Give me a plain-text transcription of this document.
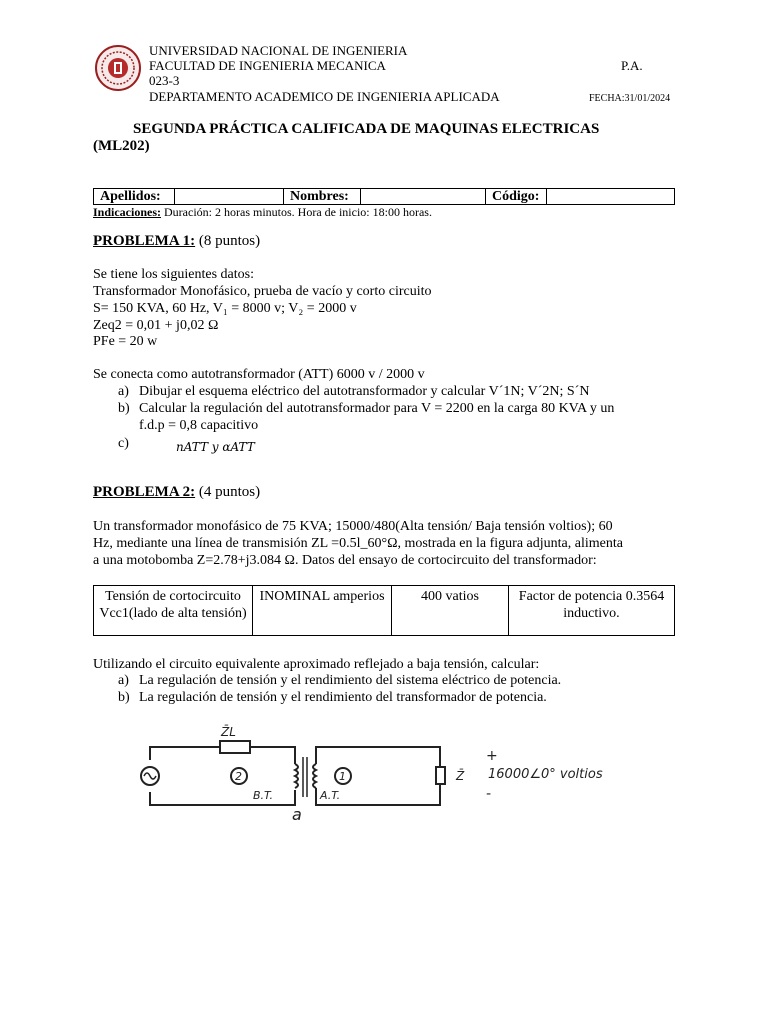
UNIVERSIDAD NACIONAL DE INGENIERIA
FACULTAD DE INGENIERIA MECANICA	P.A.
023-3
DEPARTAMENTO ACADEMICO DE INGENIERIA APLICADA	FECHA:31/01/2024
SEGUNDA PRÁCTICA CALIFICADA DE MAQUINAS ELECTRICAS
(ML202)
Apellidos:		Nombres:		Código:	
Indicaciones: Duración: 2 horas minutos. Hora de inicio: 18:00 horas.
PROBLEMA 1: (8 puntos)
Se tiene los siguientes datos:
Transformador Monofásico, prueba de vacío y corto circuito
S= 150 KVA, 60 Hz, V₁ = 8000 v; V₂ = 2000 v
Zeq2 = 0,01 + j0,02 Ω
PFe = 20 w
Se conecta como autotransformador (ATT) 6000 v / 2000 v
a) Dibujar el esquema eléctrico del autotransformador y calcular V´1N; V´2N; S´N
b) Calcular la regulación del autotransformador para V = 2200 en la carga 80 KVA y un
f.d.p = 0,8 capacitivo
c)	nATT y αATT
PROBLEMA 2: (4 puntos)
Un transformador monofásico de 75 KVA; 15000/480(Alta tensión/ Baja tensión voltios); 60
Hz, mediante una línea de transmisión ZL =0.5l_60°Ω, mostrada en la figura adjunta, alimenta
a una motobomba Z=2.78+j3.084 Ω. Datos del ensayo de cortocircuito del transformador:
Tensión de cortocircuito Vcc1(lado de alta tensión)	INOMINAL amperios	400 vatios	Factor de potencia 0.3564 inductivo.
Utilizando el circuito equivalente aproximado reflejado a baja tensión, calcular:
a) La regulación de tensión y el rendimiento del sistema eléctrico de potencia.
b) La regulación de tensión y el rendimiento del transformador de potencia.
Z̄L
2	1
B.T.	A.T.
a
Z̄
+
-
16000∠0° voltios
